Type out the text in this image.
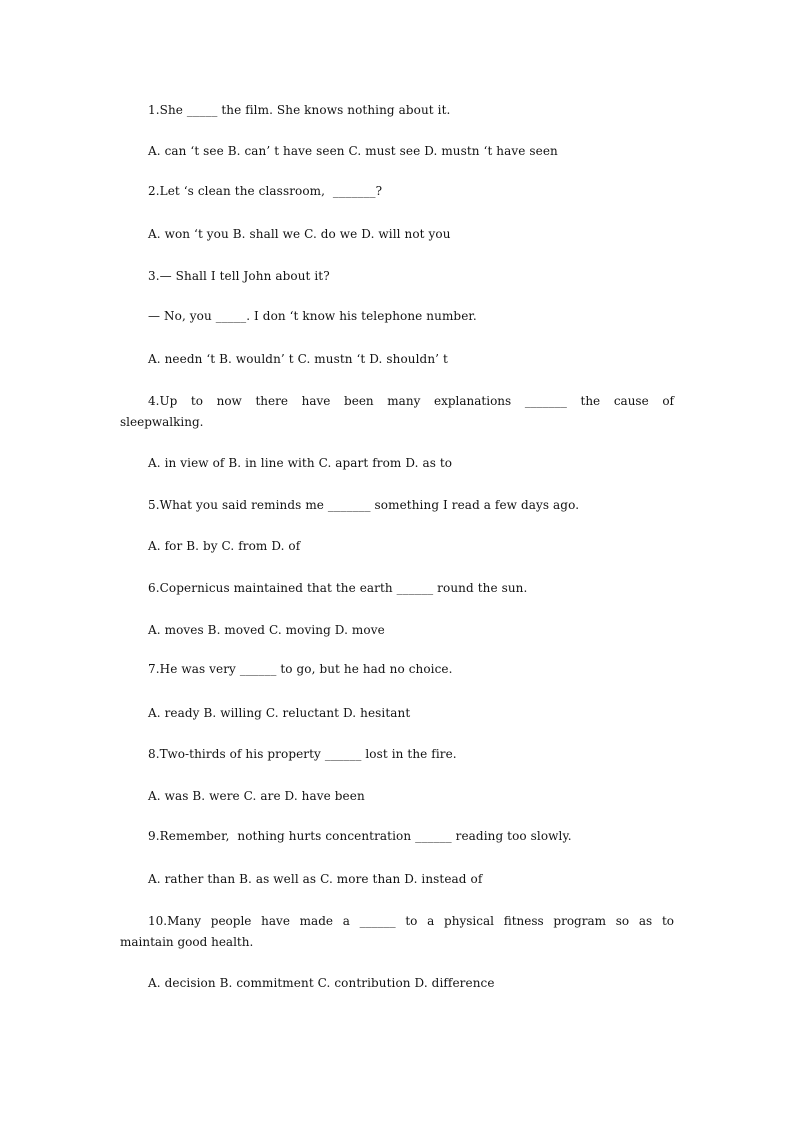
1.She _____ the film. She knows nothing about it.
A. can ‘t see B. can’ t have seen C. must see D. mustn ‘t have seen
2.Let ‘s clean the classroom,  _______?
A. won ‘t you B. shall we C. do we D. will not you
3.— Shall I tell John about it?
— No, you _____. I don ‘t know his telephone number.
A. needn ‘t B. wouldn’ t C. mustn ‘t D. shouldn’ t
4.Up to now there have been many explanations _______ the cause of
sleepwalking.
A. in view of B. in line with C. apart from D. as to
5.What you said reminds me _______ something I read a few days ago.
A. for B. by C. from D. of
6.Copernicus maintained that the earth ______ round the sun.
A. moves B. moved C. moving D. move
7.He was very ______ to go, but he had no choice.
A. ready B. willing C. reluctant D. hesitant
8.Two-thirds of his property ______ lost in the fire.
A. was B. were C. are D. have been
9.Remember,  nothing hurts concentration ______ reading too slowly.
A. rather than B. as well as C. more than D. instead of
10.Many people have made a ______ to a physical fitness program so as to
maintain good health.
A. decision B. commitment C. contribution D. difference
